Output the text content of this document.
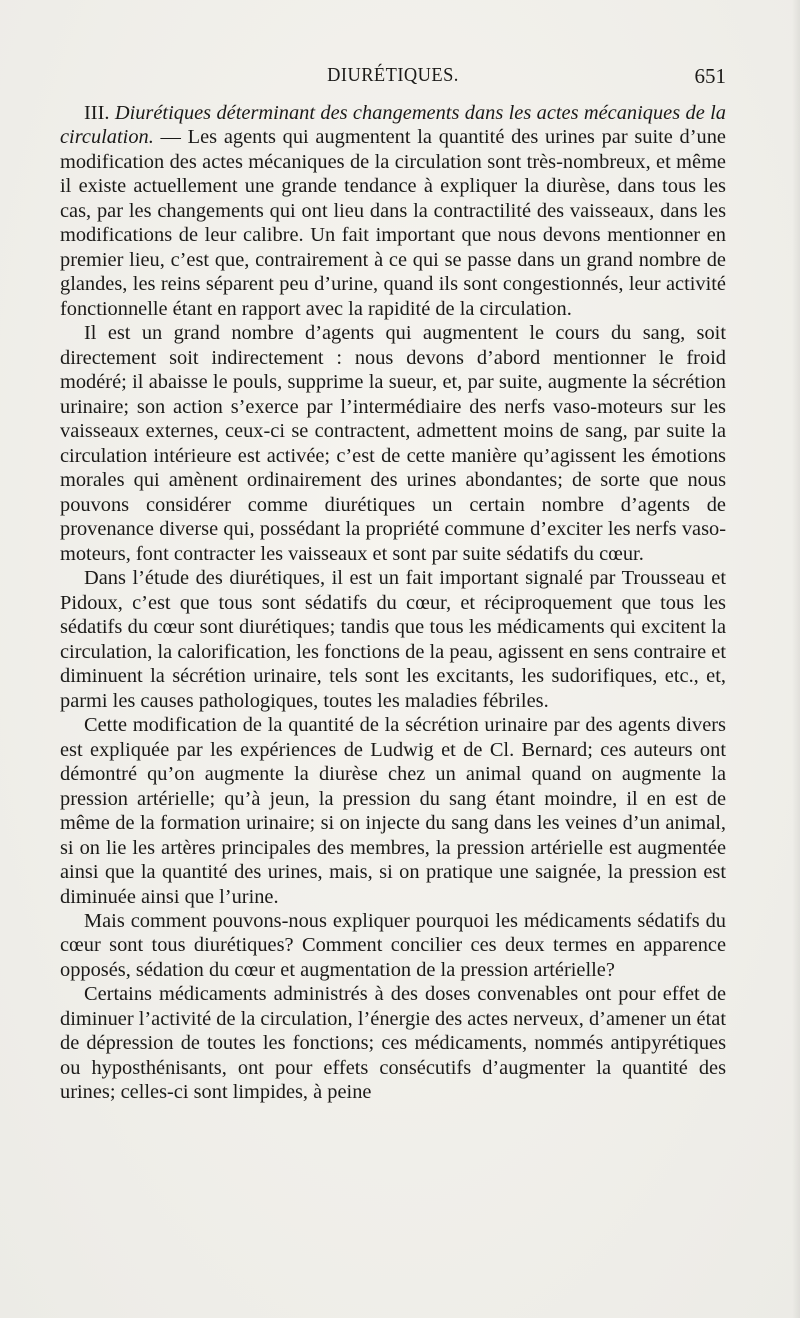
DIURÉTIQUES.	651

III. Diurétiques déterminant des changements dans les actes mécaniques de la circulation. — Les agents qui augmentent la quantité des urines par suite d’une modification des actes mécaniques de la circulation sont très-nombreux, et même il existe actuellement une grande tendance à expliquer la diurèse, dans tous les cas, par les changements qui ont lieu dans la contractilité des vaisseaux, dans les modifications de leur calibre. Un fait important que nous devons mentionner en premier lieu, c’est que, contrairement à ce qui se passe dans un grand nombre de glandes, les reins séparent peu d’urine, quand ils sont congestionnés, leur activité fonctionnelle étant en rapport avec la rapidité de la circulation.

Il est un grand nombre d’agents qui augmentent le cours du sang, soit directement soit indirectement : nous devons d’abord mentionner le froid modéré; il abaisse le pouls, supprime la sueur, et, par suite, augmente la sécrétion urinaire; son action s’exerce par l’intermédiaire des nerfs vaso-moteurs sur les vaisseaux externes, ceux-ci se contractent, admettent moins de sang, par suite la circulation intérieure est activée; c’est de cette manière qu’agissent les émotions morales qui amènent ordinairement des urines abondantes; de sorte que nous pouvons considérer comme diurétiques un certain nombre d’agents de provenance diverse qui, possédant la propriété commune d’exciter les nerfs vaso-moteurs, font contracter les vaisseaux et sont par suite sédatifs du cœur.

Dans l’étude des diurétiques, il est un fait important signalé par Trousseau et Pidoux, c’est que tous sont sédatifs du cœur, et réciproquement que tous les sédatifs du cœur sont diurétiques; tandis que tous les médicaments qui excitent la circulation, la calorification, les fonctions de la peau, agissent en sens contraire et diminuent la sécrétion urinaire, tels sont les excitants, les sudorifiques, etc., et, parmi les causes pathologiques, toutes les maladies fébriles.

Cette modification de la quantité de la sécrétion urinaire par des agents divers est expliquée par les expériences de Ludwig et de Cl. Bernard; ces auteurs ont démontré qu’on augmente la diurèse chez un animal quand on augmente la pression artérielle; qu’à jeun, la pression du sang étant moindre, il en est de même de la formation urinaire; si on injecte du sang dans les veines d’un animal, si on lie les artères principales des membres, la pression artérielle est augmentée ainsi que la quantité des urines, mais, si on pratique une saignée, la pression est diminuée ainsi que l’urine.

Mais comment pouvons-nous expliquer pourquoi les médicaments sédatifs du cœur sont tous diurétiques? Comment concilier ces deux termes en apparence opposés, sédation du cœur et augmentation de la pression artérielle?

Certains médicaments administrés à des doses convenables ont pour effet de diminuer l’activité de la circulation, l’énergie des actes nerveux, d’amener un état de dépression de toutes les fonctions; ces médicaments, nommés antipyrétiques ou hyposthénisants, ont pour effets consécutifs d’augmenter la quantité des urines; celles-ci sont limpides, à peine
